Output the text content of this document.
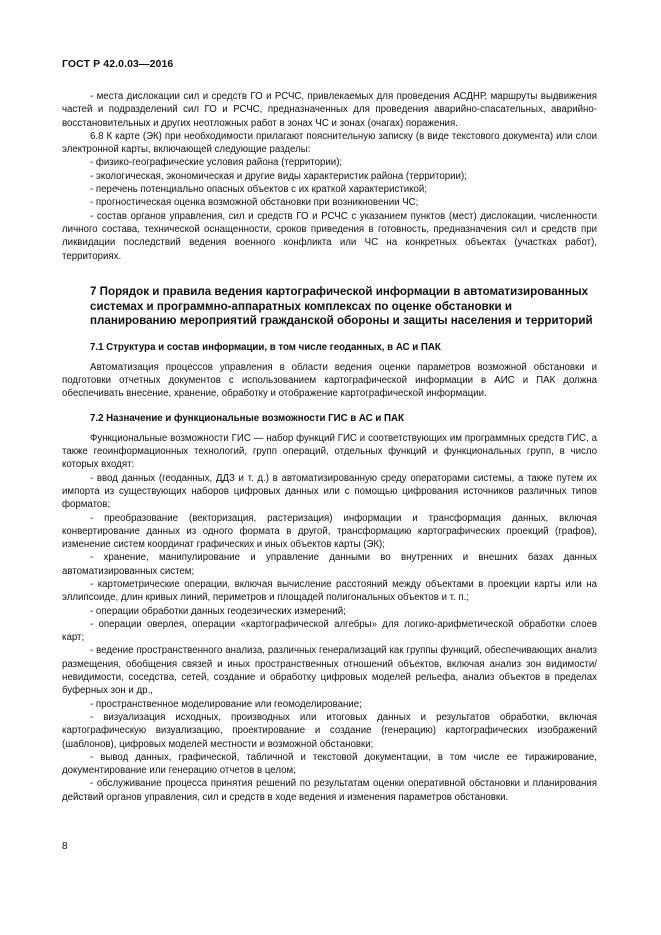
ГОСТ Р 42.0.03—2016

- места дислокации сил и средств ГО и РСЧС, привлекаемых для проведения АСДНР, маршруты выдвижения частей и подразделений сил ГО и РСЧС, предназначенных для проведения аварийно-спасательных, аварийно-восстановительных и других неотложных работ в зонах ЧС и зонах (очагах) поражения.

6.8 К карте (ЭК) при необходимости прилагают пояснительную записку (в виде текстового документа) или слои электронной карты, включающей следующие разделы:

- физико-географические условия района (территории);

- экологическая, экономическая и другие виды характеристик района (территории);

- перечень потенциально опасных объектов с их краткой характеристикой;

- прогностическая оценка возможной обстановки при возникновении ЧС;

- состав органов управления, сил и средств ГО и РСЧС с указанием пунктов (мест) дислокации, численности личного состава, технической оснащенности, сроков приведения в готовность, предназначения сил и средств при ликвидации последствий ведения военного конфликта или ЧС на конкретных объектах (участках работ), территориях.

7 Порядок и правила ведения картографической информации в автоматизированных системах и программно-аппаратных комплексах по оценке обстановки и планированию мероприятий гражданской обороны и защиты населения и территорий
7.1 Структура и состав информации, в том числе геоданных, в АС и ПАК

Автоматизация процессов управления в области ведения оценки параметров возможной обстановки и подготовки отчетных документов с использованием картографической информации в АИС и ПАК должна обеспечивать внесение, хранение, обработку и отображение картографической информации.

7.2 Назначение и функциональные возможности ГИС в АС и ПАК

Функциональные возможности ГИС — набор функций ГИС и соответствующих им программных средств ГИС, а также геоинформационных технологий, групп операций, отдельных функций и функциональных групп, в число которых входят:

- ввод данных (геоданных, ДДЗ и т. д.) в автоматизированную среду операторами системы, а также путем их импорта из существующих наборов цифровых данных или с помощью цифрования источников различных типов форматов;

- преобразование (векторизация, растеризация) информации и трансформация данных, включая конвертирование данных из одного формата в другой, трансформацию картографических проекций (графов), изменение систем координат графических и иных объектов карты (ЭК);

- хранение, манипулирование и управление данными во внутренних и внешних базах данных автоматизированных систем;

- картометрические операции, включая вычисление расстояний между объектами в проекции карты или на эллипсоиде, длин кривых линий, периметров и площадей полигональных объектов и т. п.;

- операции обработки данных геодезических измерений;

- операции оверлея, операции «картографической алгебры» для логико-арифметической обработки слоев карт;

- ведение пространственного анализа, различных генерализаций как группы функций, обеспечивающих анализ размещения, обобщения связей и иных пространственных отношений объектов, включая анализ зон видимости/невидимости, соседства, сетей, создание и обработку цифровых моделей рельефа, анализ объектов в пределах буферных зон и др.,

- пространственное моделирование или геомоделирование;

- визуализация исходных, производных или итоговых данных и результатов обработки, включая картографическую визуализацию, проектирование и создание (генерацию) картографических изображений (шаблонов), цифровых моделей местности и возможной обстановки;

- вывод данных, графической, табличной и текстовой документации, в том числе ее тиражирование, документирование или генерацию отчетов в целом;

- обслуживание процесса принятия решений по результатам оценки оперативной обстановки и планирования действий органов управления, сил и средств в ходе ведения и изменения параметров обстановки.

8
